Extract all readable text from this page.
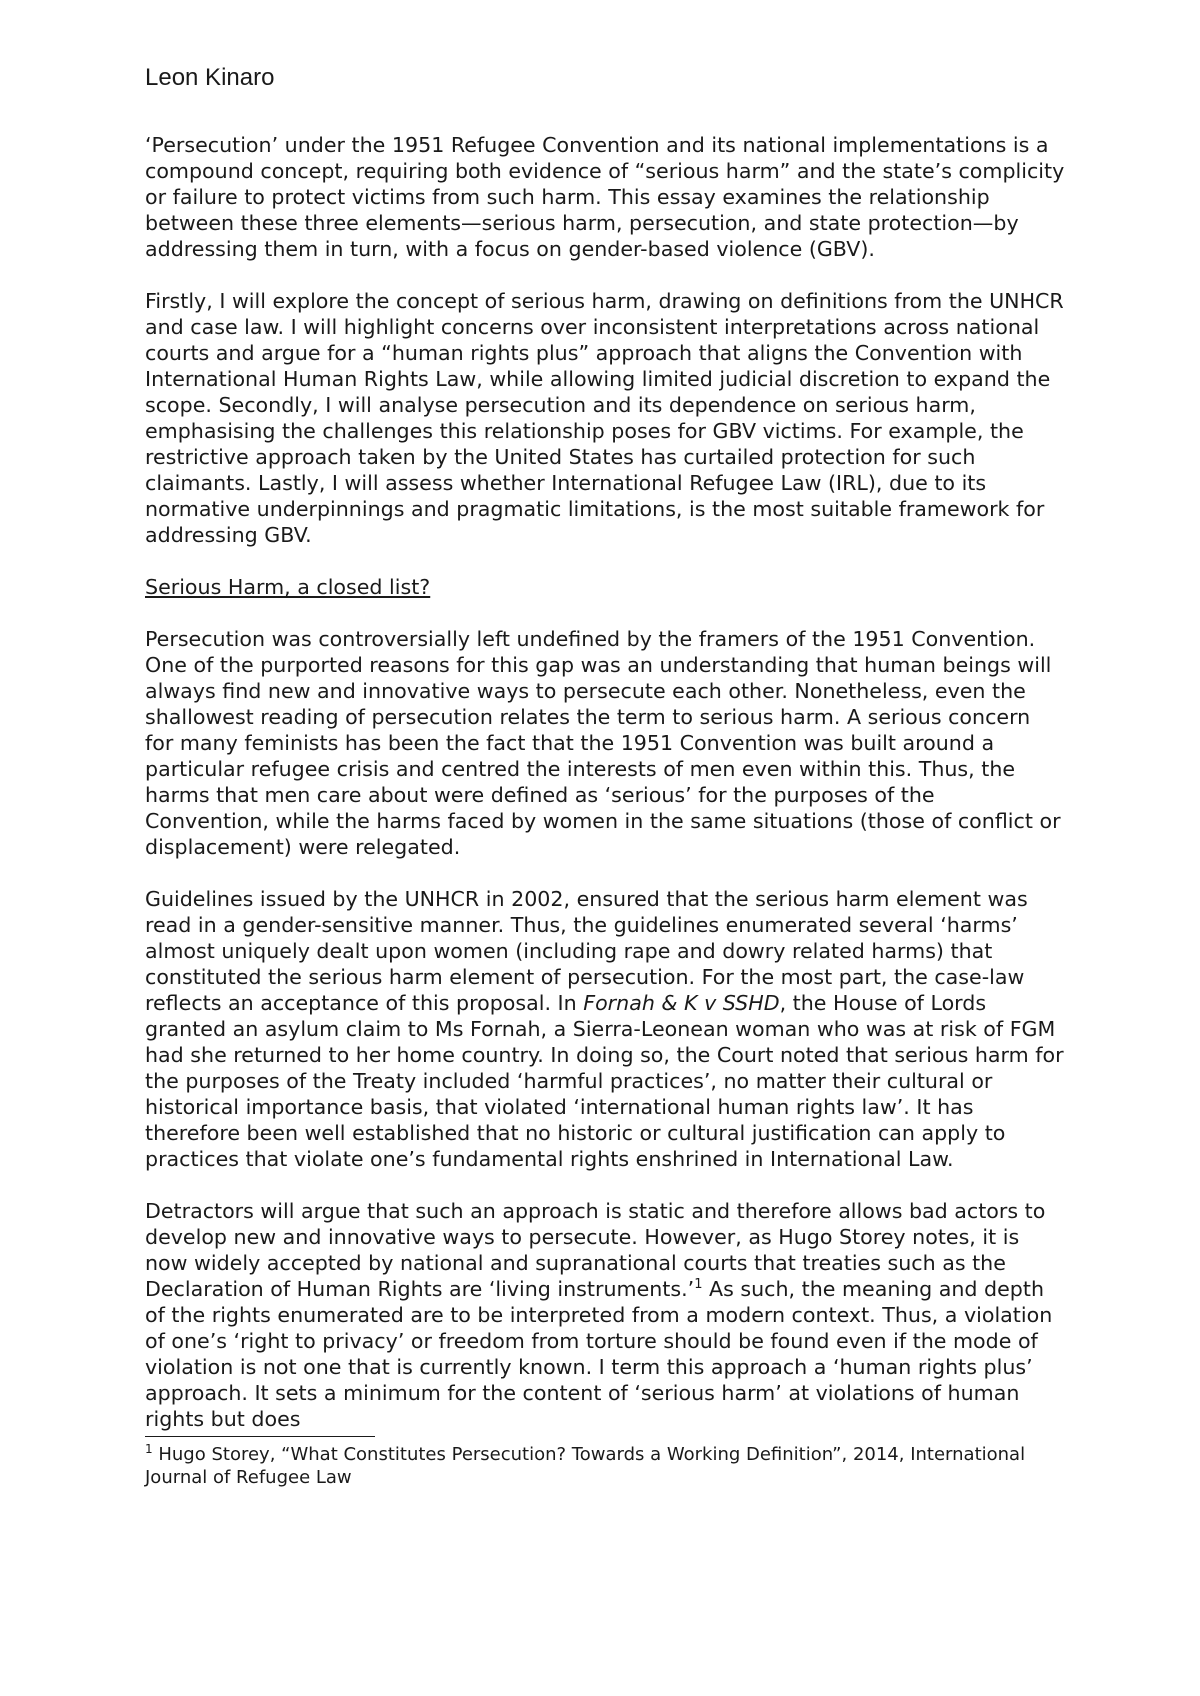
Leon Kinaro

‘Persecution’ under the 1951 Refugee Convention and its national implementations is a compound concept, requiring both evidence of “serious harm” and the state’s complicity or failure to protect victims from such harm. This essay examines the relationship between these three elements—serious harm, persecution, and state protection—by addressing them in turn, with a focus on gender-based violence (GBV).

Firstly, I will explore the concept of serious harm, drawing on definitions from the UNHCR and case law. I will highlight concerns over inconsistent interpretations across national courts and argue for a “human rights plus” approach that aligns the Convention with International Human Rights Law, while allowing limited judicial discretion to expand the scope. Secondly, I will analyse persecution and its dependence on serious harm, emphasising the challenges this relationship poses for GBV victims. For example, the restrictive approach taken by the United States has curtailed protection for such claimants. Lastly, I will assess whether International Refugee Law (IRL), due to its normative underpinnings and pragmatic limitations, is the most suitable framework for addressing GBV.

Serious Harm, a closed list?

Persecution was controversially left undefined by the framers of the 1951 Convention. One of the purported reasons for this gap was an understanding that human beings will always find new and innovative ways to persecute each other. Nonetheless, even the shallowest reading of persecution relates the term to serious harm. A serious concern for many feminists has been the fact that the 1951 Convention was built around a particular refugee crisis and centred the interests of men even within this. Thus, the harms that men care about were defined as ‘serious’ for the purposes of the Convention, while the harms faced by women in the same situations (those of conflict or displacement) were relegated.

Guidelines issued by the UNHCR in 2002, ensured that the serious harm element was read in a gender-sensitive manner. Thus, the guidelines enumerated several ‘harms’ almost uniquely dealt upon women (including rape and dowry related harms) that constituted the serious harm element of persecution. For the most part, the case-law reflects an acceptance of this proposal. In Fornah & K v SSHD, the House of Lords granted an asylum claim to Ms Fornah, a Sierra-Leonean woman who was at risk of FGM had she returned to her home country. In doing so, the Court noted that serious harm for the purposes of the Treaty included ‘harmful practices’, no matter their cultural or historical importance basis, that violated ‘international human rights law’. It has therefore been well established that no historic or cultural justification can apply to practices that violate one’s fundamental rights enshrined in International Law.

Detractors will argue that such an approach is static and therefore allows bad actors to develop new and innovative ways to persecute. However, as Hugo Storey notes, it is now widely accepted by national and supranational courts that treaties such as the Declaration of Human Rights are ‘living instruments.’$^1$ As such, the meaning and depth of the rights enumerated are to be interpreted from a modern context. Thus, a violation of one’s ‘right to privacy’ or freedom from torture should be found even if the mode of violation is not one that is currently known. I term this approach a ‘human rights plus’ approach. It sets a minimum for the content of ‘serious harm’ at violations of human rights but does

$^1$ Hugo Storey, “What Constitutes Persecution? Towards a Working Definition”, 2014, International Journal of Refugee Law
